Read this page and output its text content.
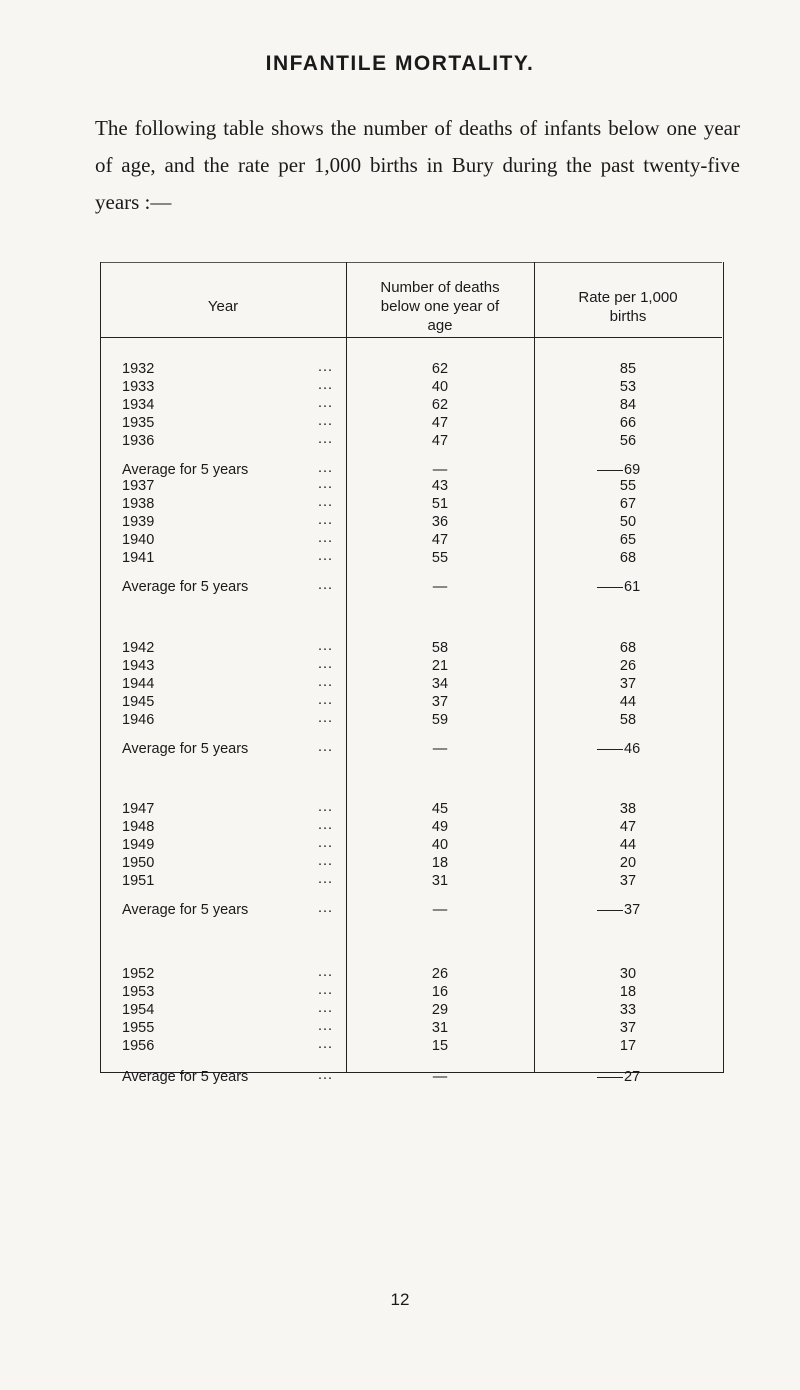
INFANTILE MORTALITY.
The following table shows the number of deaths of infants below one year of age, and the rate per 1,000 births in Bury during the past twenty-five years :—
Year
Number of deaths
below one year of
age
Rate per 1,000
births
1932	...	62	85
1933	...	40	53
1934	...	62	84
1935	...	47	66
1936	...	47	56
Average for 5 years	...	—	69
1937	...	43	55
1938	...	51	67
1939	...	36	50
1940	...	47	65
1941	...	55	68
Average for 5 years	...	—	61
1942	...	58	68
1943	...	21	26
1944	...	34	37
1945	...	37	44
1946	...	59	58
Average for 5 years	...	—	46
1947	...	45	38
1948	...	49	47
1949	...	40	44
1950	...	18	20
1951	...	31	37
Average for 5 years	...	—	37
1952	...	26	30
1953	...	16	18
1954	...	29	33
1955	...	31	37
1956	...	15	17
Average for 5 years	...	—	27
12
